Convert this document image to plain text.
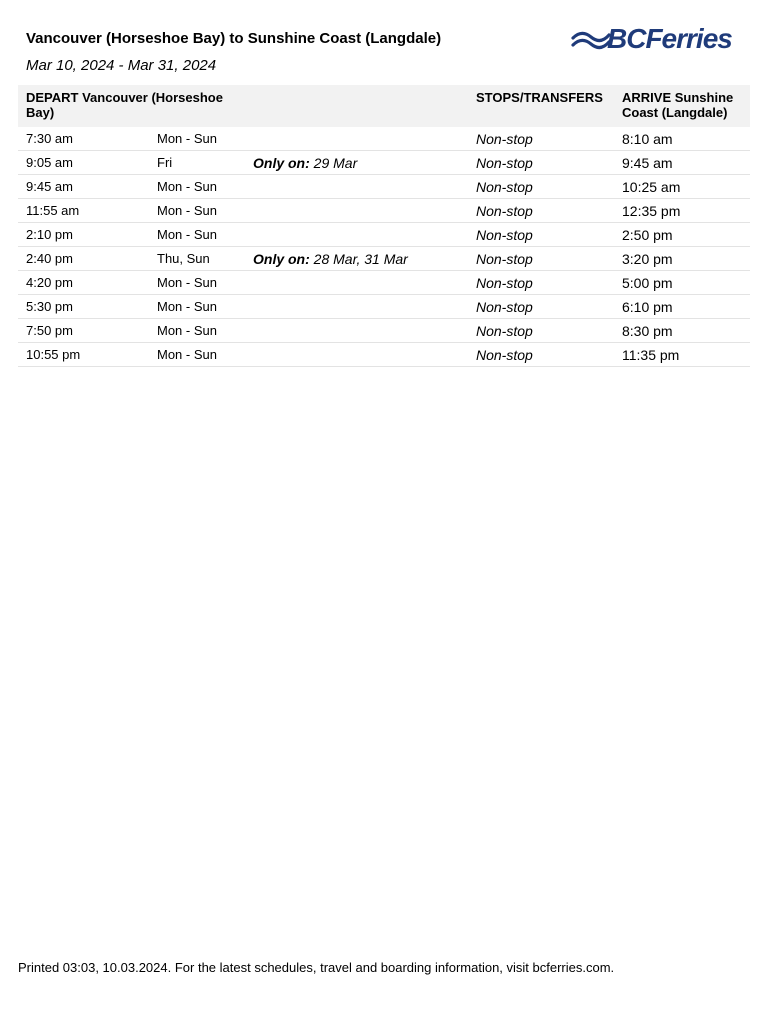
Vancouver (Horseshoe Bay) to Sunshine Coast (Langdale)
Mar 10, 2024 - Mar 31, 2024
BCFerries
DEPART Vancouver (Horseshoe Bay)			STOPS/TRANSFERS	ARRIVE Sunshine Coast (Langdale)
7:30 am	Mon - Sun		Non-stop	8:10 am
9:05 am	Fri	Only on: 29 Mar	Non-stop	9:45 am
9:45 am	Mon - Sun		Non-stop	10:25 am
11:55 am	Mon - Sun		Non-stop	12:35 pm
2:10 pm	Mon - Sun		Non-stop	2:50 pm
2:40 pm	Thu, Sun	Only on: 28 Mar, 31 Mar	Non-stop	3:20 pm
4:20 pm	Mon - Sun		Non-stop	5:00 pm
5:30 pm	Mon - Sun		Non-stop	6:10 pm
7:50 pm	Mon - Sun		Non-stop	8:30 pm
10:55 pm	Mon - Sun		Non-stop	11:35 pm
Printed 03:03, 10.03.2024. For the latest schedules, travel and boarding information, visit bcferries.com.
